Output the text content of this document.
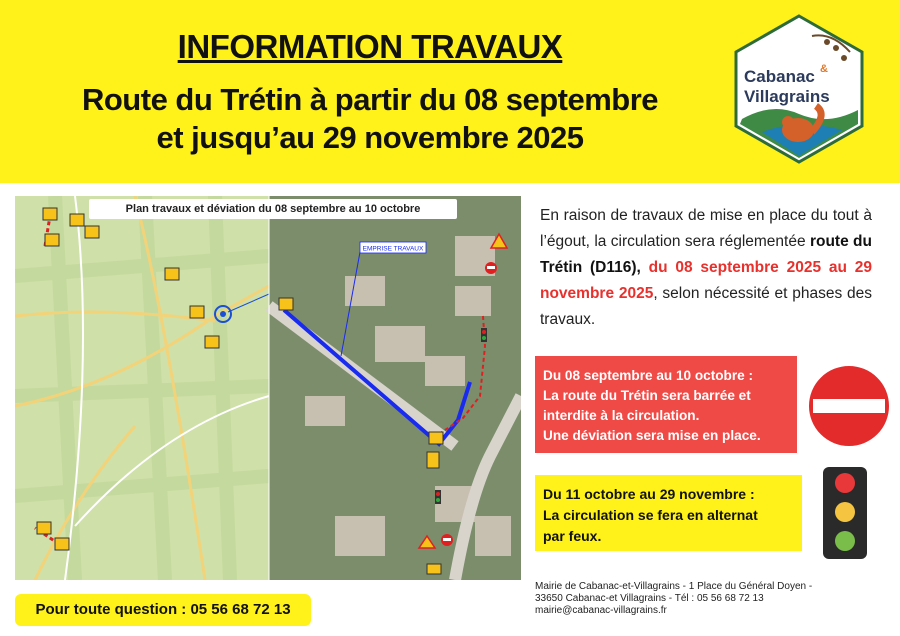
INFORMATION TRAVAUX
Route du Trétin à partir du 08 septembre
et jusqu’au 29 novembre 2025
Cabanac &
Villagrains
EMPRISE TRAVAUX
Plan travaux et déviation du 08 septembre au 10 octobre	En raison de travaux de mise en place du tout à l’égout, la circulation sera réglementée route du Trétin (D116), du 08 septembre 2025 au 29 novembre 2025, selon nécessité et phases des travaux.
Du 08 septembre au 10 octobre :
La route du Trétin sera barrée et
interdite à la circulation.
Une déviation sera mise en place.
Du 11 octobre au 29 novembre :
La circulation se fera en alternat
par feux.
Mairie de Cabanac-et-Villagrains - 1 Place du Général Doyen -
33650 Cabanac-et Villagrains - Tél : 05 56 68 72 13
mairie@cabanac-villagrains.fr
Pour toute question : 05 56 68 72 13
